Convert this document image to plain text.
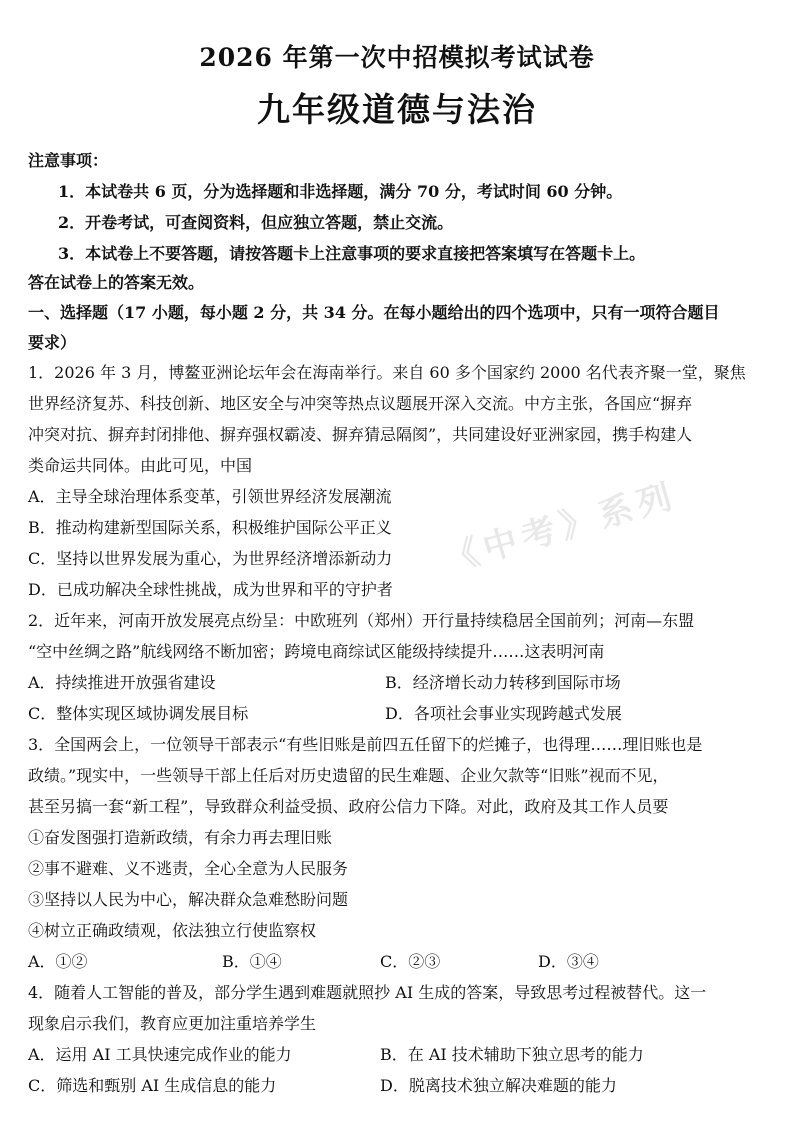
《中考》系列
2026 年第一次中招模拟考试试卷
九年级道德与法治
注意事项：
1．本试卷共 6 页，分为选择题和非选择题，满分 70 分，考试时间 60 分钟。
2．开卷考试，可查阅资料，但应独立答题，禁止交流。
3．本试卷上不要答题，请按答题卡上注意事项的要求直接把答案填写在答题卡上。
答在试卷上的答案无效。
一、选择题（17 小题，每小题 2 分，共 34 分。在每小题给出的四个选项中，只有一项符合题目
要求）
1．2026 年 3 月，博鳌亚洲论坛年会在海南举行。来自 60 多个国家约 2000 名代表齐聚一堂，聚焦
世界经济复苏、科技创新、地区安全与冲突等热点议题展开深入交流。中方主张，各国应“摒弃
冲突对抗、摒弃封闭排他、摒弃强权霸凌、摒弃猜忌隔阂”，共同建设好亚洲家园，携手构建人
类命运共同体。由此可见，中国
A．主导全球治理体系变革，引领世界经济发展潮流
B．推动构建新型国际关系，积极维护国际公平正义
C．坚持以世界发展为重心，为世界经济增添新动力
D．已成功解决全球性挑战，成为世界和平的守护者
2．近年来，河南开放发展亮点纷呈：中欧班列（郑州）开行量持续稳居全国前列；河南—东盟
“空中丝绸之路”航线网络不断加密；跨境电商综试区能级持续提升……这表明河南
A．持续推进开放强省建设	B．经济增长动力转移到国际市场
C．整体实现区域协调发展目标	D．各项社会事业实现跨越式发展
3．全国两会上，一位领导干部表示“有些旧账是前四五任留下的烂摊子，也得理……理旧账也是
政绩。”现实中，一些领导干部上任后对历史遗留的民生难题、企业欠款等“旧账”视而不见，
甚至另搞一套“新工程”，导致群众利益受损、政府公信力下降。对此，政府及其工作人员要
①奋发图强打造新政绩，有余力再去理旧账
②事不避难、义不逃责，全心全意为人民服务
③坚持以人民为中心，解决群众急难愁盼问题
④树立正确政绩观，依法独立行使监察权
A．①②	B．①④	C．②③	D．③④
4．随着人工智能的普及，部分学生遇到难题就照抄 AI 生成的答案，导致思考过程被替代。这一
现象启示我们，教育应更加注重培养学生
A．运用 AI 工具快速完成作业的能力	B．在 AI 技术辅助下独立思考的能力
C．筛选和甄别 AI 生成信息的能力	D．脱离技术独立解决难题的能力
